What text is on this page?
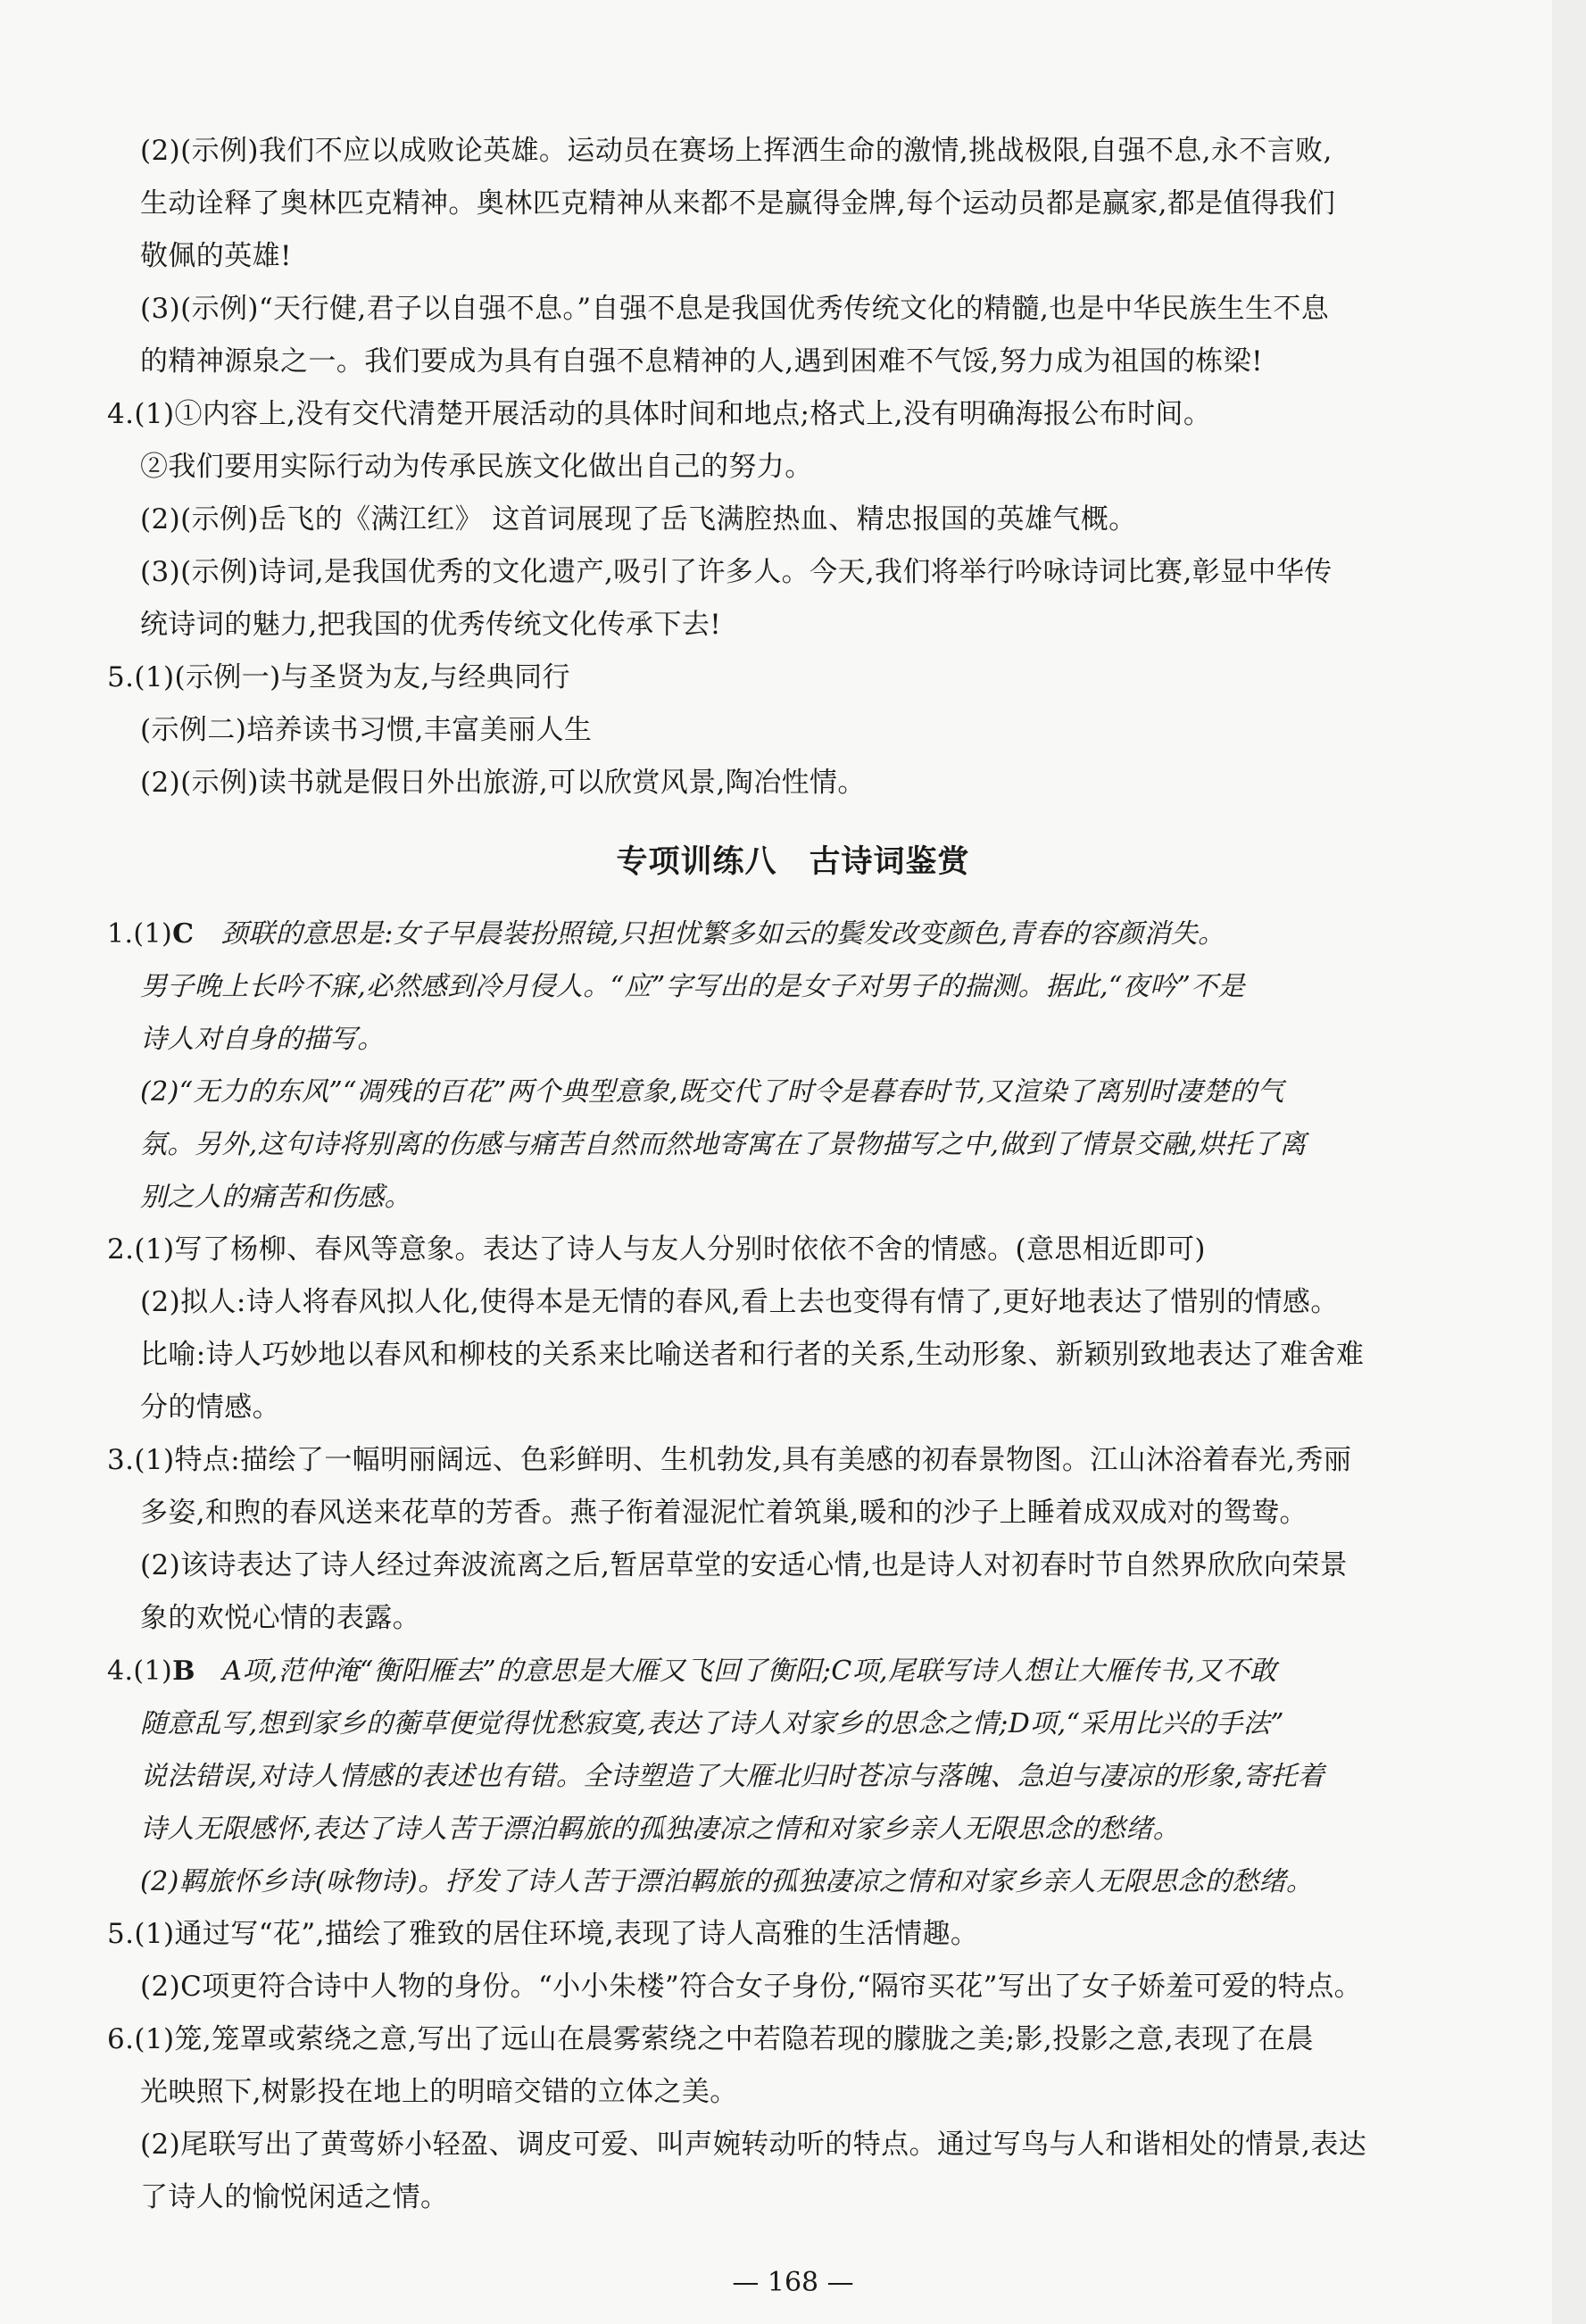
(2)(示例)我们不应以成败论英雄。运动员在赛场上挥洒生命的激情,挑战极限,自强不息,永不言败,
生动诠释了奥林匹克精神。奥林匹克精神从来都不是赢得金牌,每个运动员都是赢家,都是值得我们
敬佩的英雄!
(3)(示例)“天行健,君子以自强不息。”自强不息是我国优秀传统文化的精髓,也是中华民族生生不息
的精神源泉之一。我们要成为具有自强不息精神的人,遇到困难不气馁,努力成为祖国的栋梁!
4.(1)①内容上,没有交代清楚开展活动的具体时间和地点;格式上,没有明确海报公布时间。
②我们要用实际行动为传承民族文化做出自己的努力。
(2)(示例)岳飞的《满江红》 这首词展现了岳飞满腔热血、精忠报国的英雄气概。
(3)(示例)诗词,是我国优秀的文化遗产,吸引了许多人。今天,我们将举行吟咏诗词比赛,彰显中华传
统诗词的魅力,把我国的优秀传统文化传承下去!
5.(1)(示例一)与圣贤为友,与经典同行
(示例二)培养读书习惯,丰富美丽人生
(2)(示例)读书就是假日外出旅游,可以欣赏风景,陶冶性情。
专项训练八　古诗词鉴赏
1.(1)C　颈联的意思是:女子早晨装扮照镜,只担忧繁多如云的鬓发改变颜色,青春的容颜消失。
男子晚上长吟不寐,必然感到冷月侵人。“应”字写出的是女子对男子的揣测。据此,“夜吟”不是
诗人对自身的描写。
(2)“无力的东风”“凋残的百花”两个典型意象,既交代了时令是暮春时节,又渲染了离别时凄楚的气
氛。另外,这句诗将别离的伤感与痛苦自然而然地寄寓在了景物描写之中,做到了情景交融,烘托了离
别之人的痛苦和伤感。
2.(1)写了杨柳、春风等意象。表达了诗人与友人分别时依依不舍的情感。(意思相近即可)
(2)拟人:诗人将春风拟人化,使得本是无情的春风,看上去也变得有情了,更好地表达了惜别的情感。
比喻:诗人巧妙地以春风和柳枝的关系来比喻送者和行者的关系,生动形象、新颖别致地表达了难舍难
分的情感。
3.(1)特点:描绘了一幅明丽阔远、色彩鲜明、生机勃发,具有美感的初春景物图。江山沐浴着春光,秀丽
多姿,和煦的春风送来花草的芳香。燕子衔着湿泥忙着筑巢,暖和的沙子上睡着成双成对的鸳鸯。
(2)该诗表达了诗人经过奔波流离之后,暂居草堂的安适心情,也是诗人对初春时节自然界欣欣向荣景
象的欢悦心情的表露。
4.(1)B　A项,范仲淹“衡阳雁去”的意思是大雁又飞回了衡阳;C项,尾联写诗人想让大雁传书,又不敢
随意乱写,想到家乡的蘅草便觉得忧愁寂寞,表达了诗人对家乡的思念之情;D项,“采用比兴的手法”
说法错误,对诗人情感的表述也有错。全诗塑造了大雁北归时苍凉与落魄、急迫与凄凉的形象,寄托着
诗人无限感怀,表达了诗人苦于漂泊羁旅的孤独凄凉之情和对家乡亲人无限思念的愁绪。
(2)羁旅怀乡诗(咏物诗)。抒发了诗人苦于漂泊羁旅的孤独凄凉之情和对家乡亲人无限思念的愁绪。
5.(1)通过写“花”,描绘了雅致的居住环境,表现了诗人高雅的生活情趣。
(2)C项更符合诗中人物的身份。“小小朱楼”符合女子身份,“隔帘买花”写出了女子娇羞可爱的特点。
6.(1)笼,笼罩或萦绕之意,写出了远山在晨雾萦绕之中若隐若现的朦胧之美;影,投影之意,表现了在晨
光映照下,树影投在地上的明暗交错的立体之美。
(2)尾联写出了黄莺娇小轻盈、调皮可爱、叫声婉转动听的特点。通过写鸟与人和谐相处的情景,表达
了诗人的愉悦闲适之情。
— 168 —
